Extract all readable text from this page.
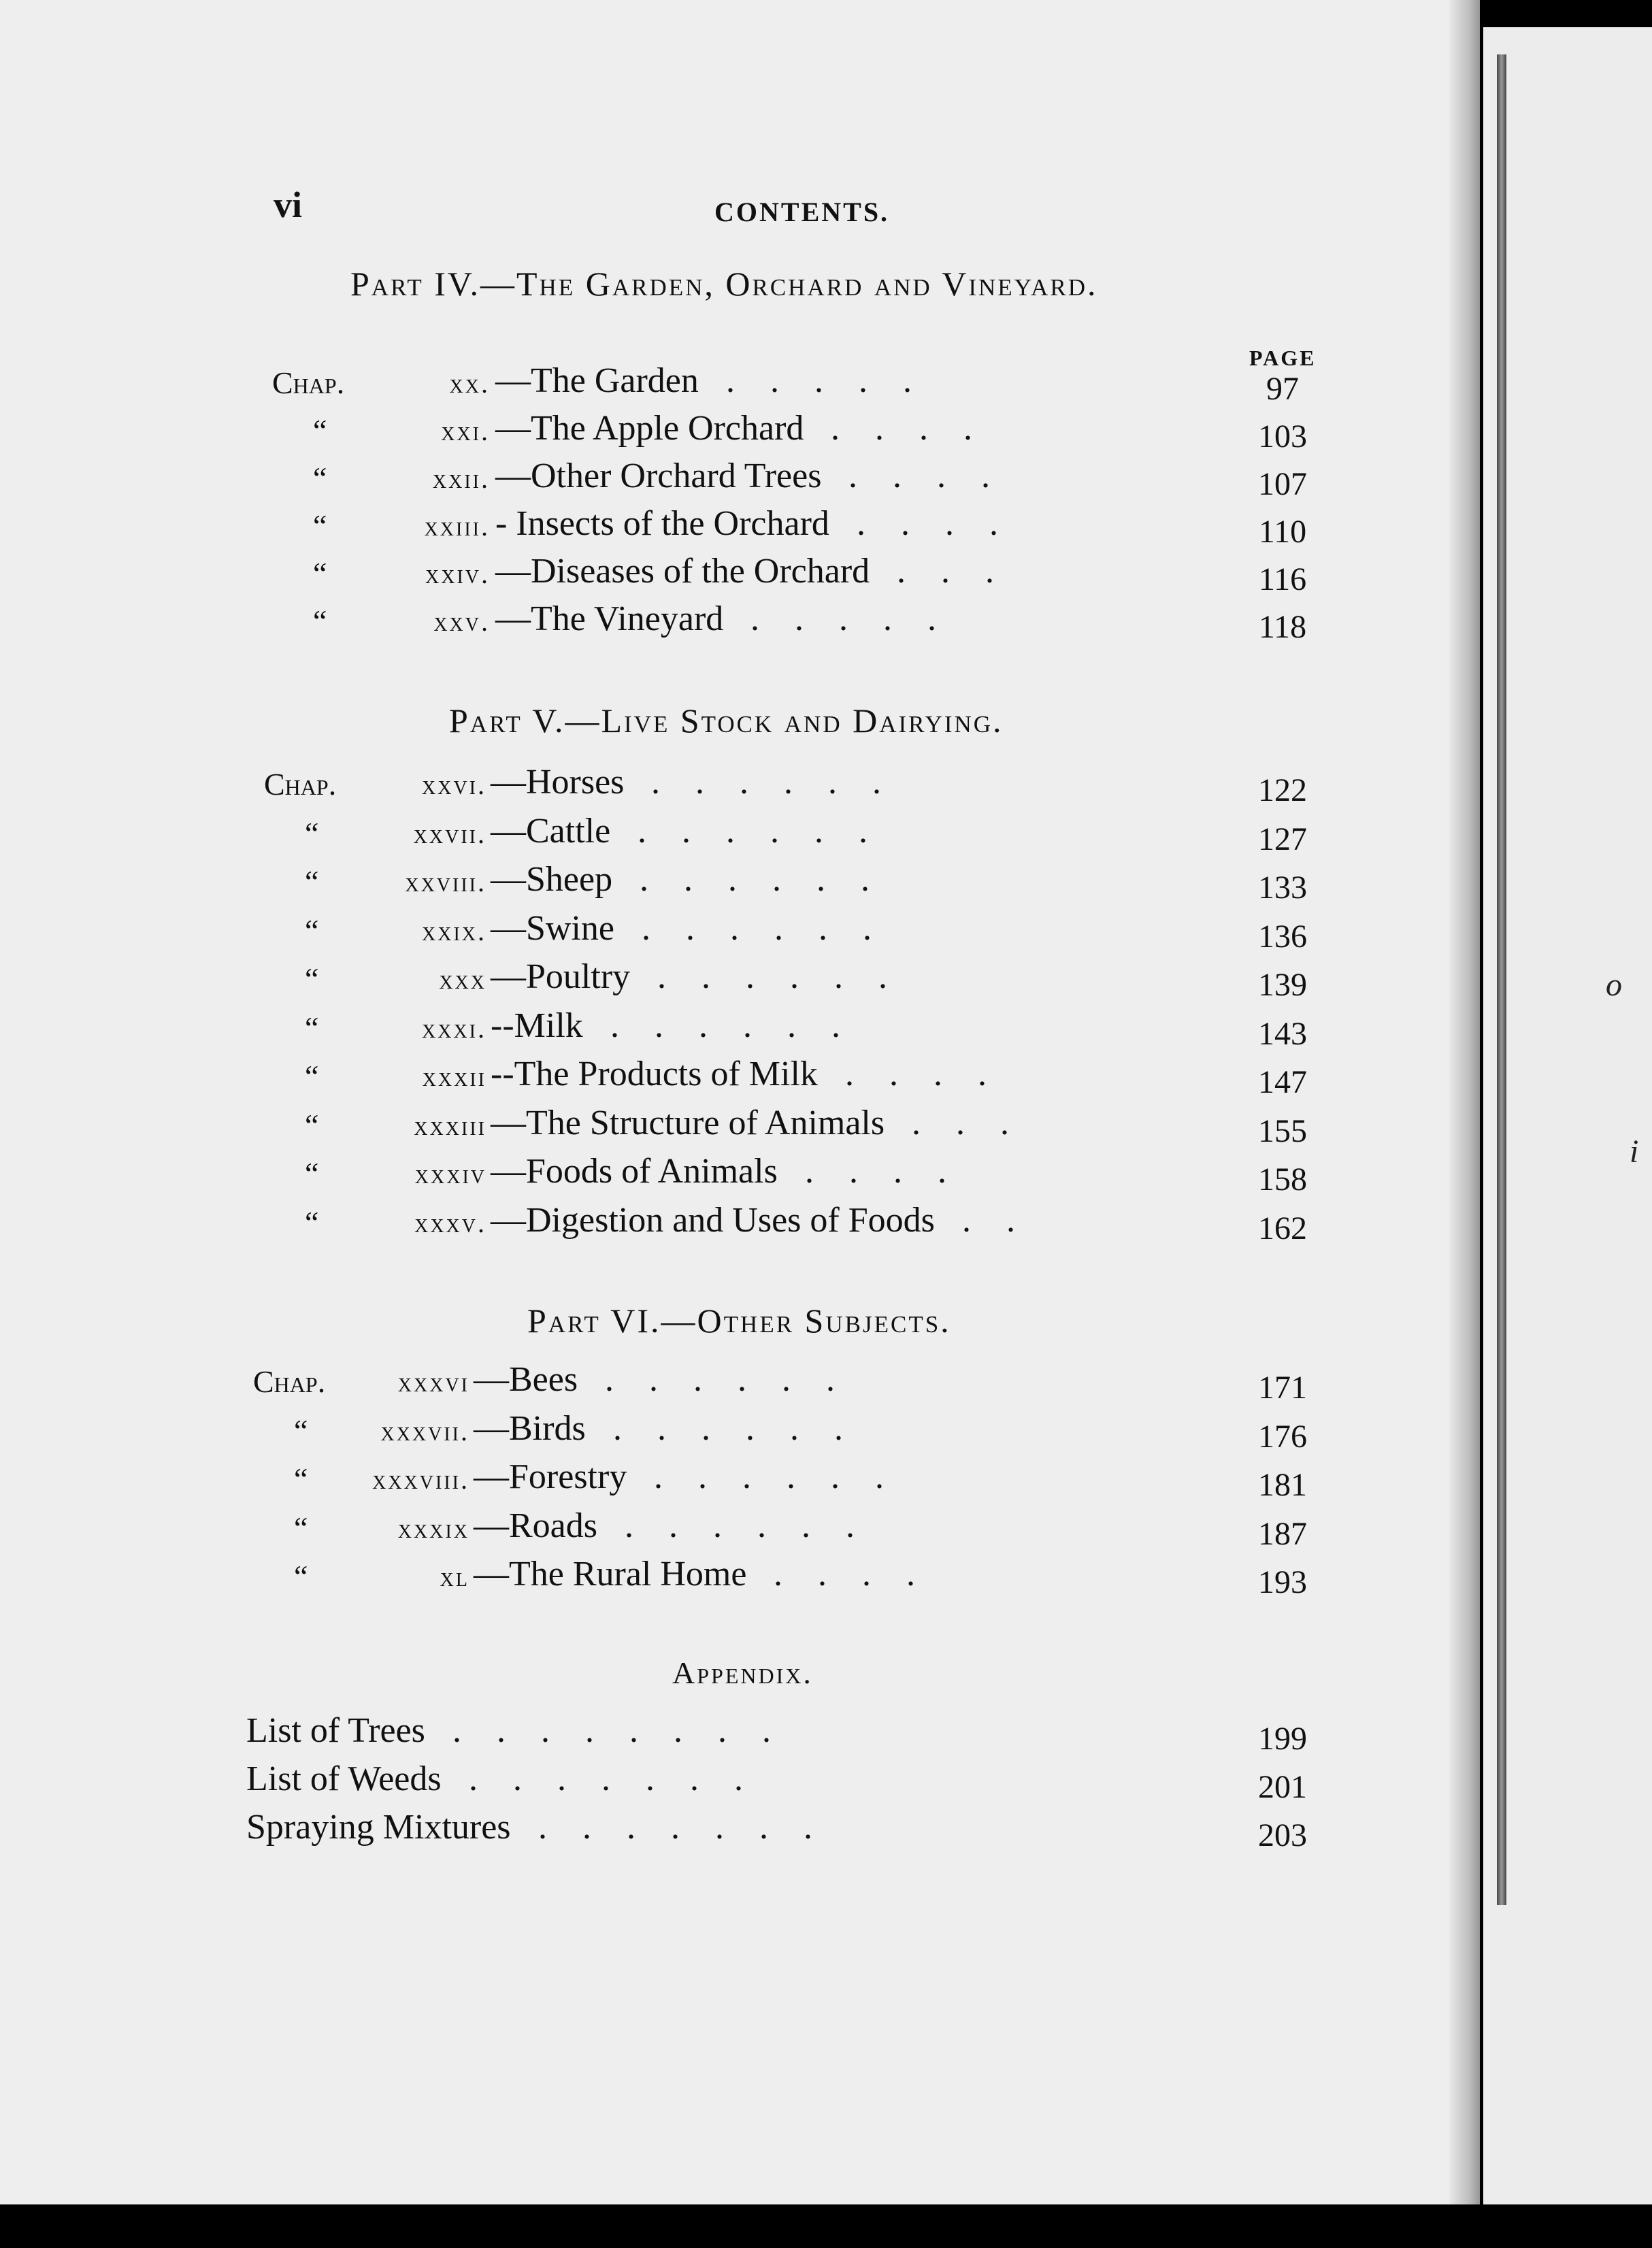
vi	CONTENTS.
Part IV.—The Garden, Orchard and Vineyard.
PAGE
Chap.	xx. —The Garden .....	97
“	xxi. —The Apple Orchard ....	103
“	xxii. —Other Orchard Trees ....	107
“	xxiii. - Insects of the Orchard ....	110
“	xxiv. —Diseases of the Orchard ...	116
“	xxv. —The Vineyard .....	118
Part V.—Live Stock and Dairying.
Chap.	xxvi. —Horses ......	122
“	xxvii. —Cattle ......	127
“	xxviii. —Sheep ......	133
“	xxix. —Swine ......	136
“	xxx —Poultry ......	139
“	xxxi. --Milk ......	143
“	xxxii --The Products of Milk ....	147
“	xxxiii —The Structure of Animals ...	155
“	xxxiv —Foods of Animals ....	158
“	xxxv. —Digestion and Uses of Foods ..	162
Part VI.—Other Subjects.
Chap.	xxxvi —Bees ......	171
“	xxxvii. —Birds ......	176
“	xxxviii. —Forestry ......	181
“	xxxix —Roads ......	187
“	xl —The Rural Home ....	193
Appendix.
List of Trees ........	199
List of Weeds .......	201
Spraying Mixtures .......	203
o
i
